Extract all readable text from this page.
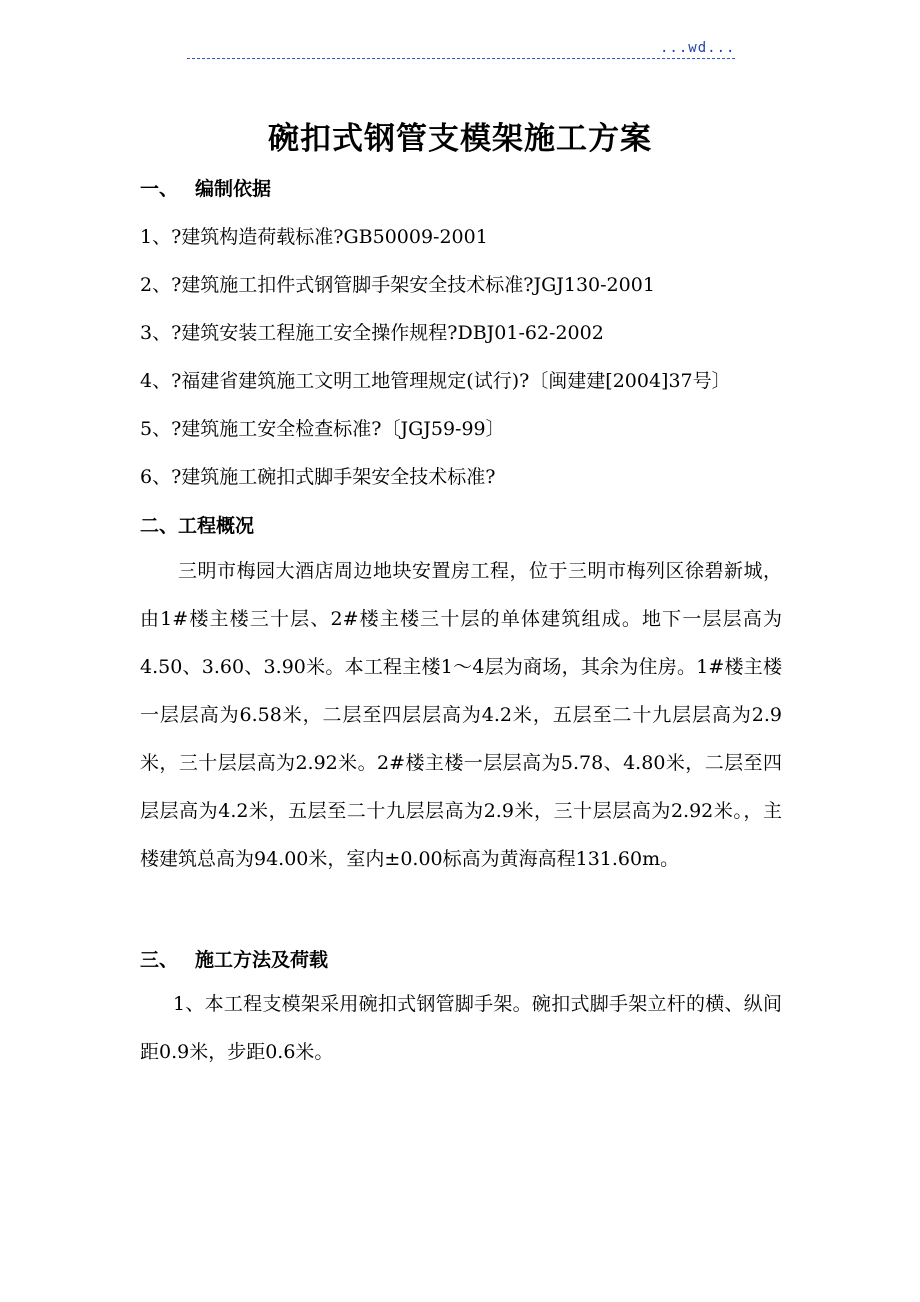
...wd...
碗扣式钢管支模架施工方案
一、 编制依据
1、?建筑构造荷载标准?GB50009-2001
2、?建筑施工扣件式钢管脚手架安全技术标准?JGJ130-2001
3、?建筑安装工程施工安全操作规程?DBJ01-62-2002
4、?福建省建筑施工文明工地管理规定(试行)?〔闽建建[2004]37号〕
5、?建筑施工安全检查标准?〔JGJ59-99〕
6、?建筑施工碗扣式脚手架安全技术标准?
二、工程概况
三明市梅园大酒店周边地块安置房工程，位于三明市梅列区徐碧新城，由1#楼主楼三十层、2#楼主楼三十层的单体建筑组成。地下一层层高为4.50、3.60、3.90米。本工程主楼1～4层为商场，其余为住房。1#楼主楼一层层高为6.58米，二层至四层层高为4.2米，五层至二十九层层高为2.9米，三十层层高为2.92米。2#楼主楼一层层高为5.78、4.80米，二层至四层层高为4.2米，五层至二十九层层高为2.9米，三十层层高为2.92米。，主楼建筑总高为94.00米，室内±0.00标高为黄海高程131.60m。
三、 施工方法及荷载
1、本工程支模架采用碗扣式钢管脚手架。碗扣式脚手架立杆的横、纵间距0.9米，步距0.6米。
